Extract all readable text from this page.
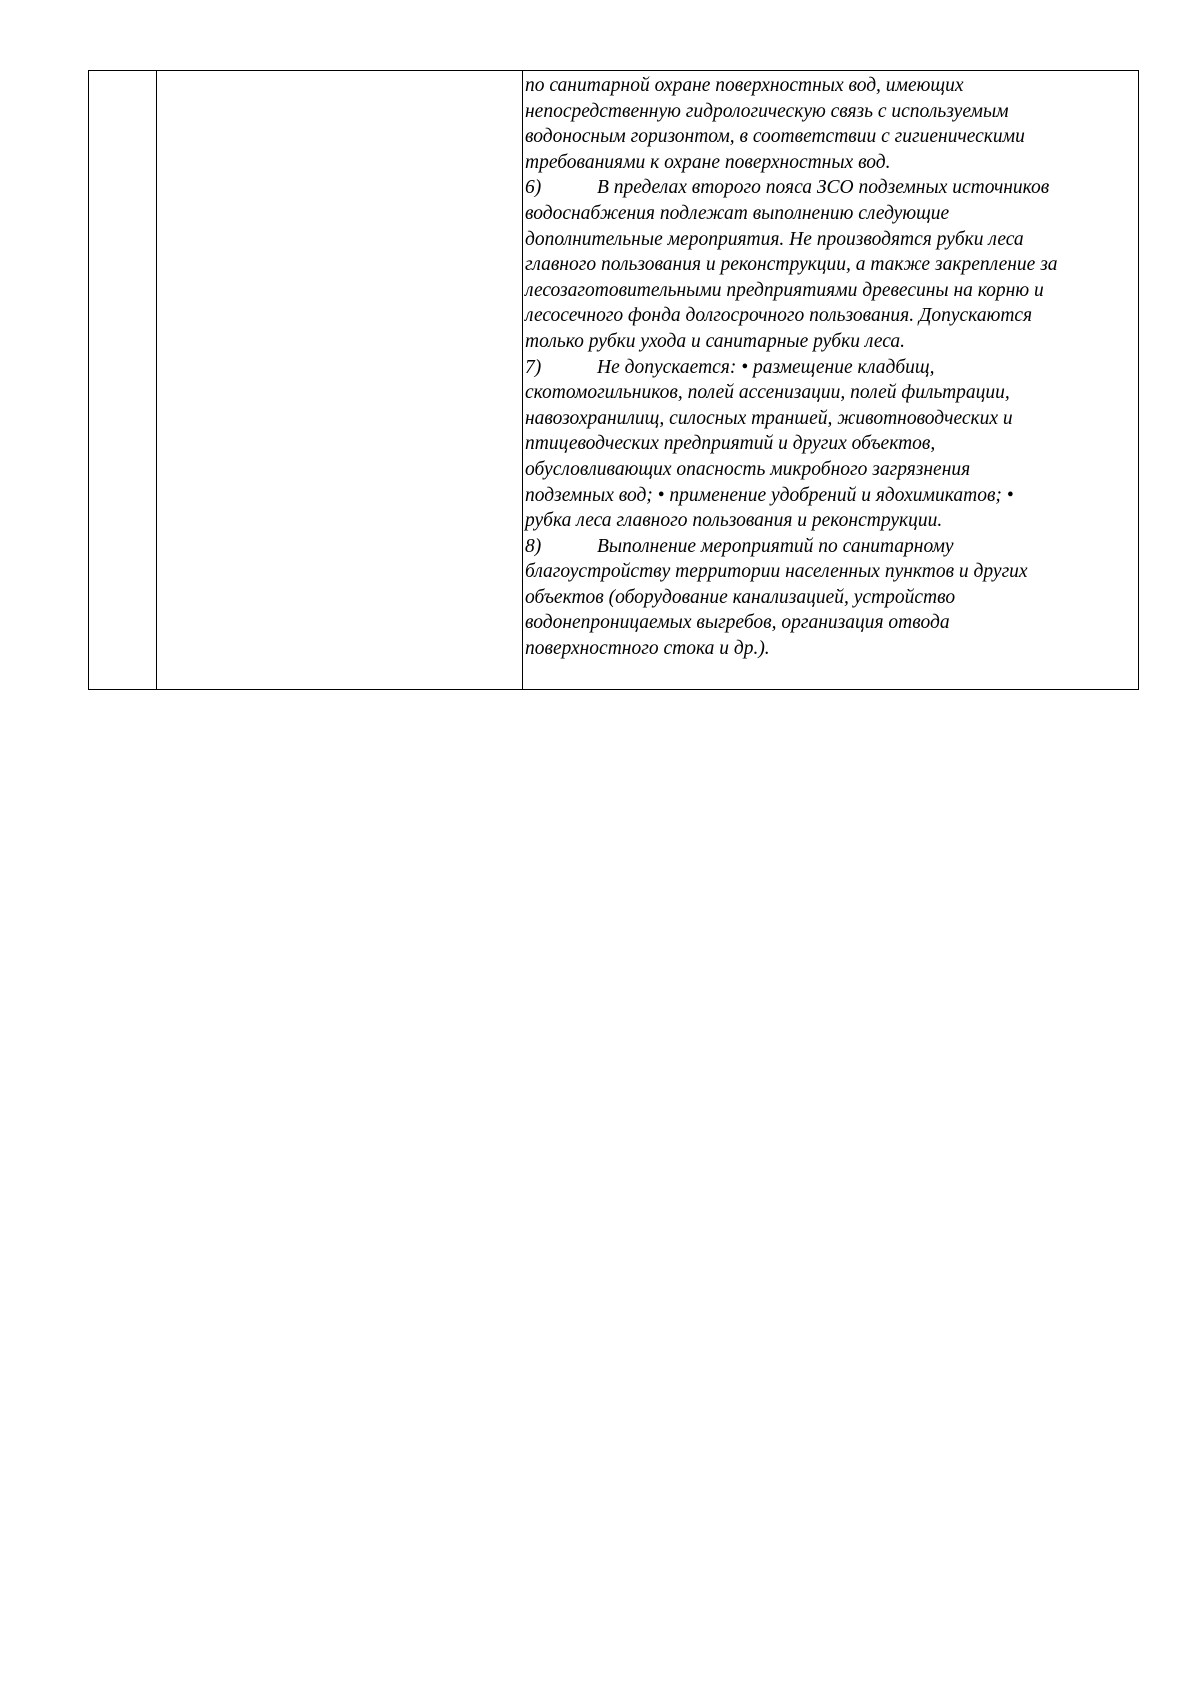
по санитарной охране поверхностных вод, имеющих
непосредственную гидрологическую связь с используемым
водоносным горизонтом, в соответствии с гигиеническими
требованиями к охране поверхностных вод.
6)	В пределах второго пояса ЗСО подземных источников
водоснабжения подлежат выполнению следующие
дополнительные мероприятия. Не производятся рубки леса
главного пользования и реконструкции, а также закрепление за
лесозаготовительными предприятиями древесины на корню и
лесосечного фонда долгосрочного пользования. Допускаются
только рубки ухода и санитарные рубки леса.
7)	Не допускается: • размещение кладбищ,
скотомогильников, полей ассенизации, полей фильтрации,
навозохранилищ, силосных траншей, животноводческих и
птицеводческих предприятий и других объектов,
обусловливающих опасность микробного загрязнения
подземных вод; • применение удобрений и ядохимикатов; •
рубка леса главного пользования и реконструкции.
8)	Выполнение мероприятий по санитарному
благоустройству территории населенных пунктов и других
объектов (оборудование канализацией, устройство
водонепроницаемых выгребов, организация отвода
поверхностного стока и др.).
